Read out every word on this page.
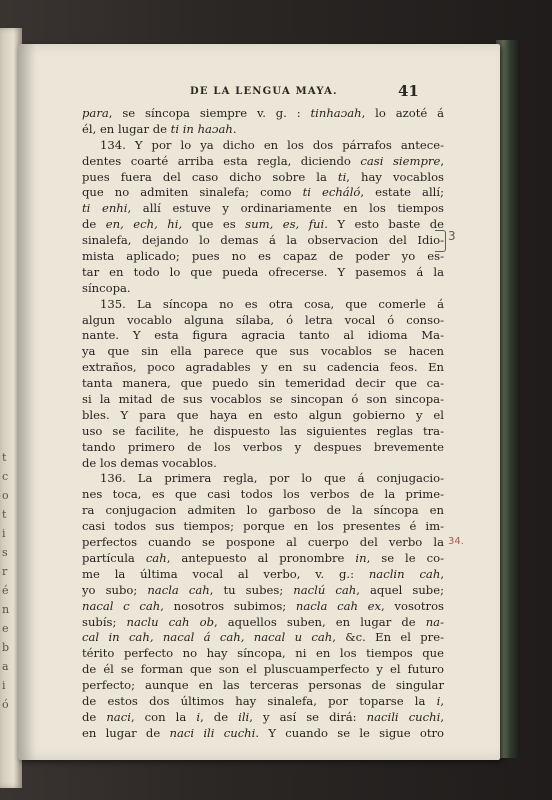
t
c
o
t
i
s
r
é
n
e
b
a
i
ó
DE LA LENGUA MAYA.	41
para, se síncopa siempre v. g. : tinhaɔah, lo azoté á
él, en lugar de ti in haɔah.
134. Y por lo ya dicho en los dos párrafos antece-
dentes coarté arriba esta regla, diciendo casi siempre,
pues fuera del caso dicho sobre la ti, hay vocablos
que no admiten sinalefa; como ti echáló, estate allí;
ti enhi, allí estuve y ordinariamente en los tiempos
de en, ech, hi, que es sum, es, fui. Y esto baste de
sinalefa, dejando lo demas á la observacion del Idio-
mista aplicado; pues no es capaz de poder yo es-
tar en todo lo que pueda ofrecerse. Y pasemos á la
síncopa.
135. La síncopa no es otra cosa, que comerle á
algun vocablo alguna sílaba, ó letra vocal ó conso-
nante. Y esta figura agracia tanto al idioma Ma-
ya que sin ella parece que sus vocablos se hacen
extraños, poco agradables y en su cadencia feos. En
tanta manera, que puedo sin temeridad decir que ca-
si la mitad de sus vocablos se sincopan ó son sincopa-
bles. Y para que haya en esto algun gobierno y el
uso se facilite, he dispuesto las siguientes reglas tra-
tando primero de los verbos y despues brevemente
de los demas vocablos.
136. La primera regla, por lo que á conjugacio-
nes toca, es que casi todos los verbos de la prime-
ra conjugacion admiten lo garboso de la síncopa en
casi todos sus tiempos; porque en los presentes é im-
perfectos cuando se pospone al cuerpo del verbo la
partícula cah, antepuesto al pronombre in, se le co-
me la última vocal al verbo, v. g.: naclin cah,
yo subo; nacla cah, tu subes; naclú cah, aquel sube;
nacal c cah, nosotros subimos; nacla cah ex, vosotros
subís; naclu cah ob, aquellos suben, en lugar de na-
cal in cah, nacal á cah, nacal u cah, &c. En el pre-
térito perfecto no hay síncopa, ni en los tiempos que
de él se forman que son el pluscuamperfecto y el futuro
perfecto; aunque en las terceras personas de singular
de estos dos últimos hay sinalefa, por toparse la i,
de naci, con la i, de ili, y así se dirá: nacili cuchi,
en lugar de naci ili cuchi. Y cuando se le sigue otro
3
34.
